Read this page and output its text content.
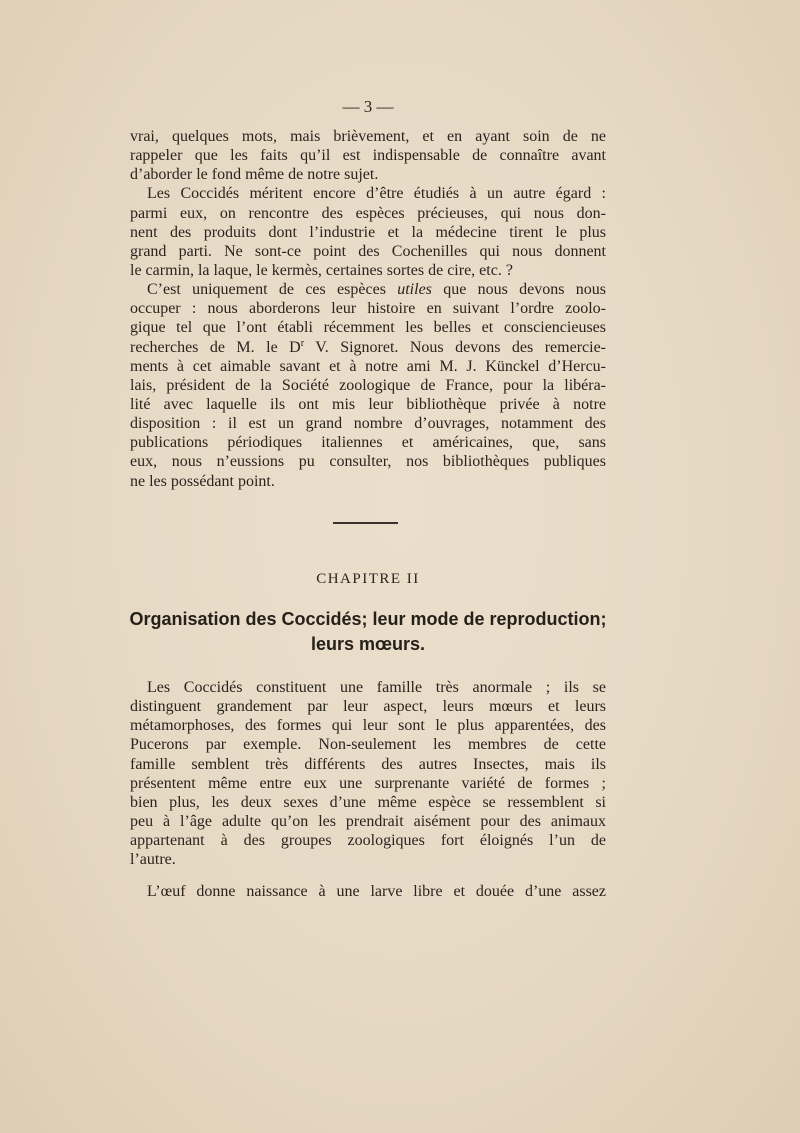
— 3 —
vrai, quelques mots, mais brièvement, et en ayant soin de ne
rappeler que les faits qu’il est indispensable de connaître avant
d’aborder le fond même de notre sujet.
Les Coccidés méritent encore d’être étudiés à un autre égard :
parmi eux, on rencontre des espèces précieuses, qui nous don-
nent des produits dont l’industrie et la médecine tirent le plus
grand parti. Ne sont-ce point des Cochenilles qui nous donnent
le carmin, la laque, le kermès, certaines sortes de cire, etc. ?
C’est uniquement de ces espèces utiles que nous devons nous
occuper : nous aborderons leur histoire en suivant l’ordre zoolo-
gique tel que l’ont établi récemment les belles et consciencieuses
recherches de M. le $D^r$ V. Signoret. Nous devons des remercie-
ments à cet aimable savant et à notre ami M. J. Künckel d’Hercu-
lais, président de la Société zoologique de France, pour la libéra-
lité avec laquelle ils ont mis leur bibliothèque privée à notre
disposition : il est un grand nombre d’ouvrages, notamment des
publications périodiques italiennes et américaines, que, sans
eux, nous n’eussions pu consulter, nos bibliothèques publiques
ne les possédant point.
CHAPITRE II
Organisation des Coccidés; leur mode de reproduction;
leurs mœurs.
Les Coccidés constituent une famille très anormale ; ils se
distinguent grandement par leur aspect, leurs mœurs et leurs
métamorphoses, des formes qui leur sont le plus apparentées, des
Pucerons par exemple. Non-seulement les membres de cette
famille semblent très différents des autres Insectes, mais ils
présentent même entre eux une surprenante variété de formes ;
bien plus, les deux sexes d’une même espèce se ressemblent si
peu à l’âge adulte qu’on les prendrait aisément pour des animaux
appartenant à des groupes zoologiques fort éloignés l’un de
l’autre.
L’œuf donne naissance à une larve libre et douée d’une assez
